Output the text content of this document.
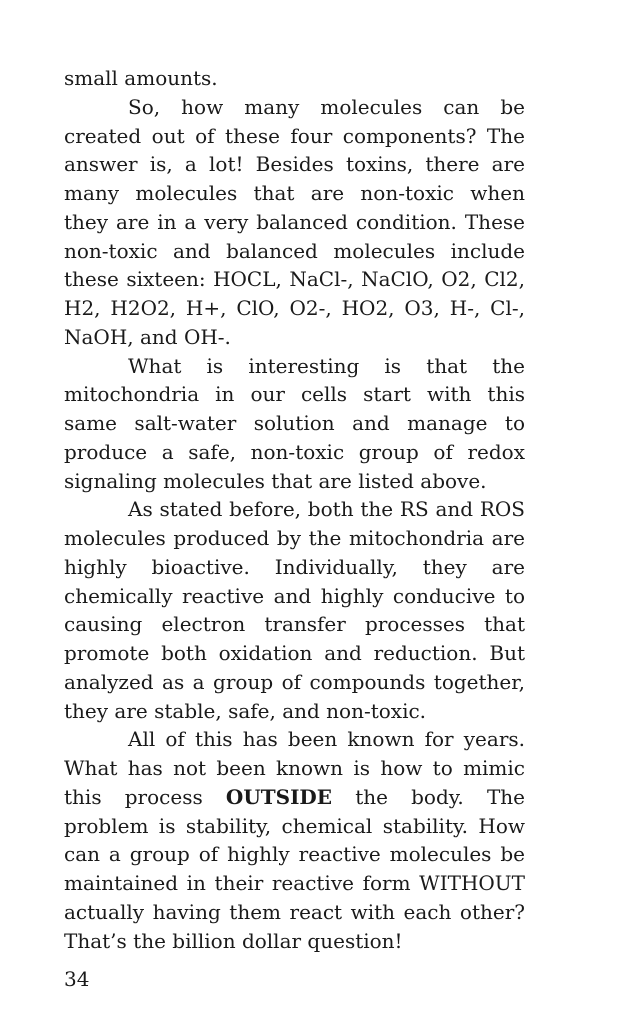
small amounts.

So, how many molecules can be created out of these four components? The answer is, a lot! Besides toxins, there are many molecules that are non-toxic when they are in a very balanced condition. These non-toxic and balanced molecules include these sixteen: HOCL, NaCl-, NaClO, O2, Cl2, H2, H2O2, H+, ClO, O2-, HO2, O3, H-, Cl-, NaOH, and OH-.

What is interesting is that the mitochondria in our cells start with this same salt-water solution and manage to produce a safe, non-toxic group of redox signaling molecules that are listed above.

As stated before, both the RS and ROS molecules produced by the mitochondria are highly bioactive. Individually, they are chemically reactive and highly conducive to causing electron transfer processes that promote both oxidation and reduction. But analyzed as a group of compounds together, they are stable, safe, and non-toxic.

All of this has been known for years. What has not been known is how to mimic this process OUTSIDE the body. The problem is stability, chemical stability. How can a group of highly reactive molecules be maintained in their reactive form WITHOUT actually having them react with each other? That’s the billion dollar question!

34
